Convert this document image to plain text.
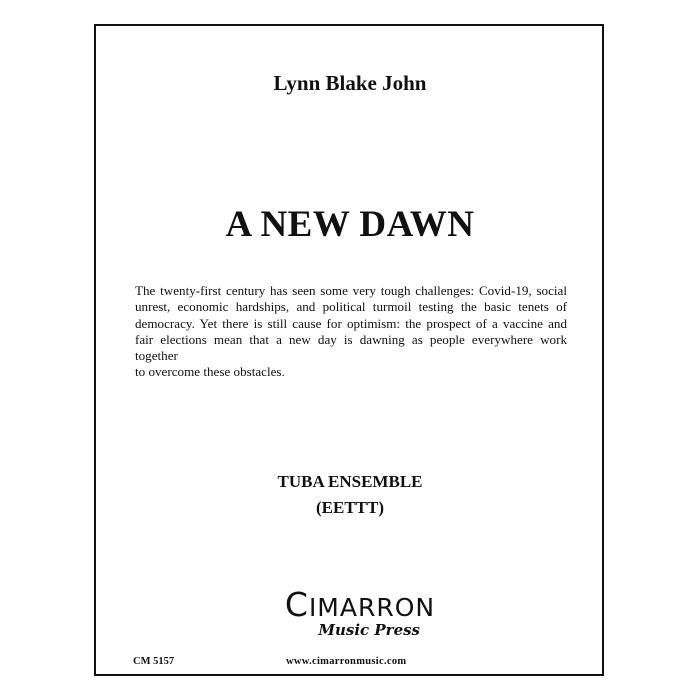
Lynn Blake John
A NEW DAWN
The twenty-first century has seen some very tough challenges: Covid-19, social
unrest, economic hardships, and political turmoil testing the basic tenets of
democracy. Yet there is still cause for optimism: the prospect of a vaccine and
fair elections mean that a new day is dawning as people everywhere work together
to overcome these obstacles.
TUBA ENSEMBLE
(EETTT)
CIMARRON
Music Press
CM 5157	www.cimarronmusic.com
